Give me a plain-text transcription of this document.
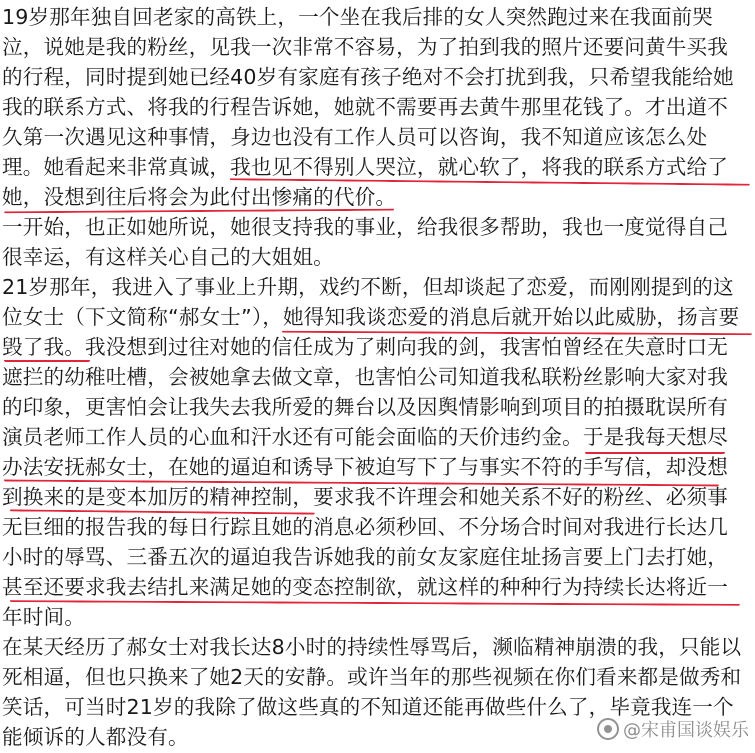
19岁那年独自回老家的高铁上，一个坐在我后排的女人突然跑过来在我面前哭
泣，说她是我的粉丝，见我一次非常不容易，为了拍到我的照片还要问黄牛买我
的行程，同时提到她已经40岁有家庭有孩子绝对不会打扰到我，只希望我能给她
我的联系方式、将我的行程告诉她，她就不需要再去黄牛那里花钱了。才出道不
久第一次遇见这种事情，身边也没有工作人员可以咨询，我不知道应该怎么处
理。她看起来非常真诚，我也见不得别人哭泣，就心软了，将我的联系方式给了
她，没想到往后将会为此付出惨痛的代价。
一开始，也正如她所说，她很支持我的事业，给我很多帮助，我也一度觉得自己
很幸运，有这样关心自己的大姐姐。
21岁那年，我进入了事业上升期，戏约不断，但却谈起了恋爱，而刚刚提到的这
位女士（下文简称“郝女士”），她得知我谈恋爱的消息后就开始以此威胁，扬言要
毁了我。我没想到过往对她的信任成为了刺向我的剑，我害怕曾经在失意时口无
遮拦的幼稚吐槽，会被她拿去做文章，也害怕公司知道我私联粉丝影响大家对我
的印象，更害怕会让我失去我所爱的舞台以及因舆情影响到项目的拍摄耽误所有
演员老师工作人员的心血和汗水还有可能会面临的天价违约金。于是我每天想尽
办法安抚郝女士，在她的逼迫和诱导下被迫写下了与事实不符的手写信，却没想
到换来的是变本加厉的精神控制，要求我不许理会和她关系不好的粉丝、必须事
无巨细的报告我的每日行踪且她的消息必须秒回、不分场合时间对我进行长达几
小时的辱骂、三番五次的逼迫我告诉她我的前女友家庭住址扬言要上门去打她，
甚至还要求我去结扎来满足她的变态控制欲，就这样的种种行为持续长达将近一
年时间。
在某天经历了郝女士对我长达8小时的持续性辱骂后，濒临精神崩溃的我，只能以
死相逼，但也只换来了她2天的安静。或许当年的那些视频在你们看来都是做秀和
笑话，可当时21岁的我除了做这些真的不知道还能再做些什么了，毕竟我连一个
能倾诉的人都没有。	@宋甫国谈娱乐
